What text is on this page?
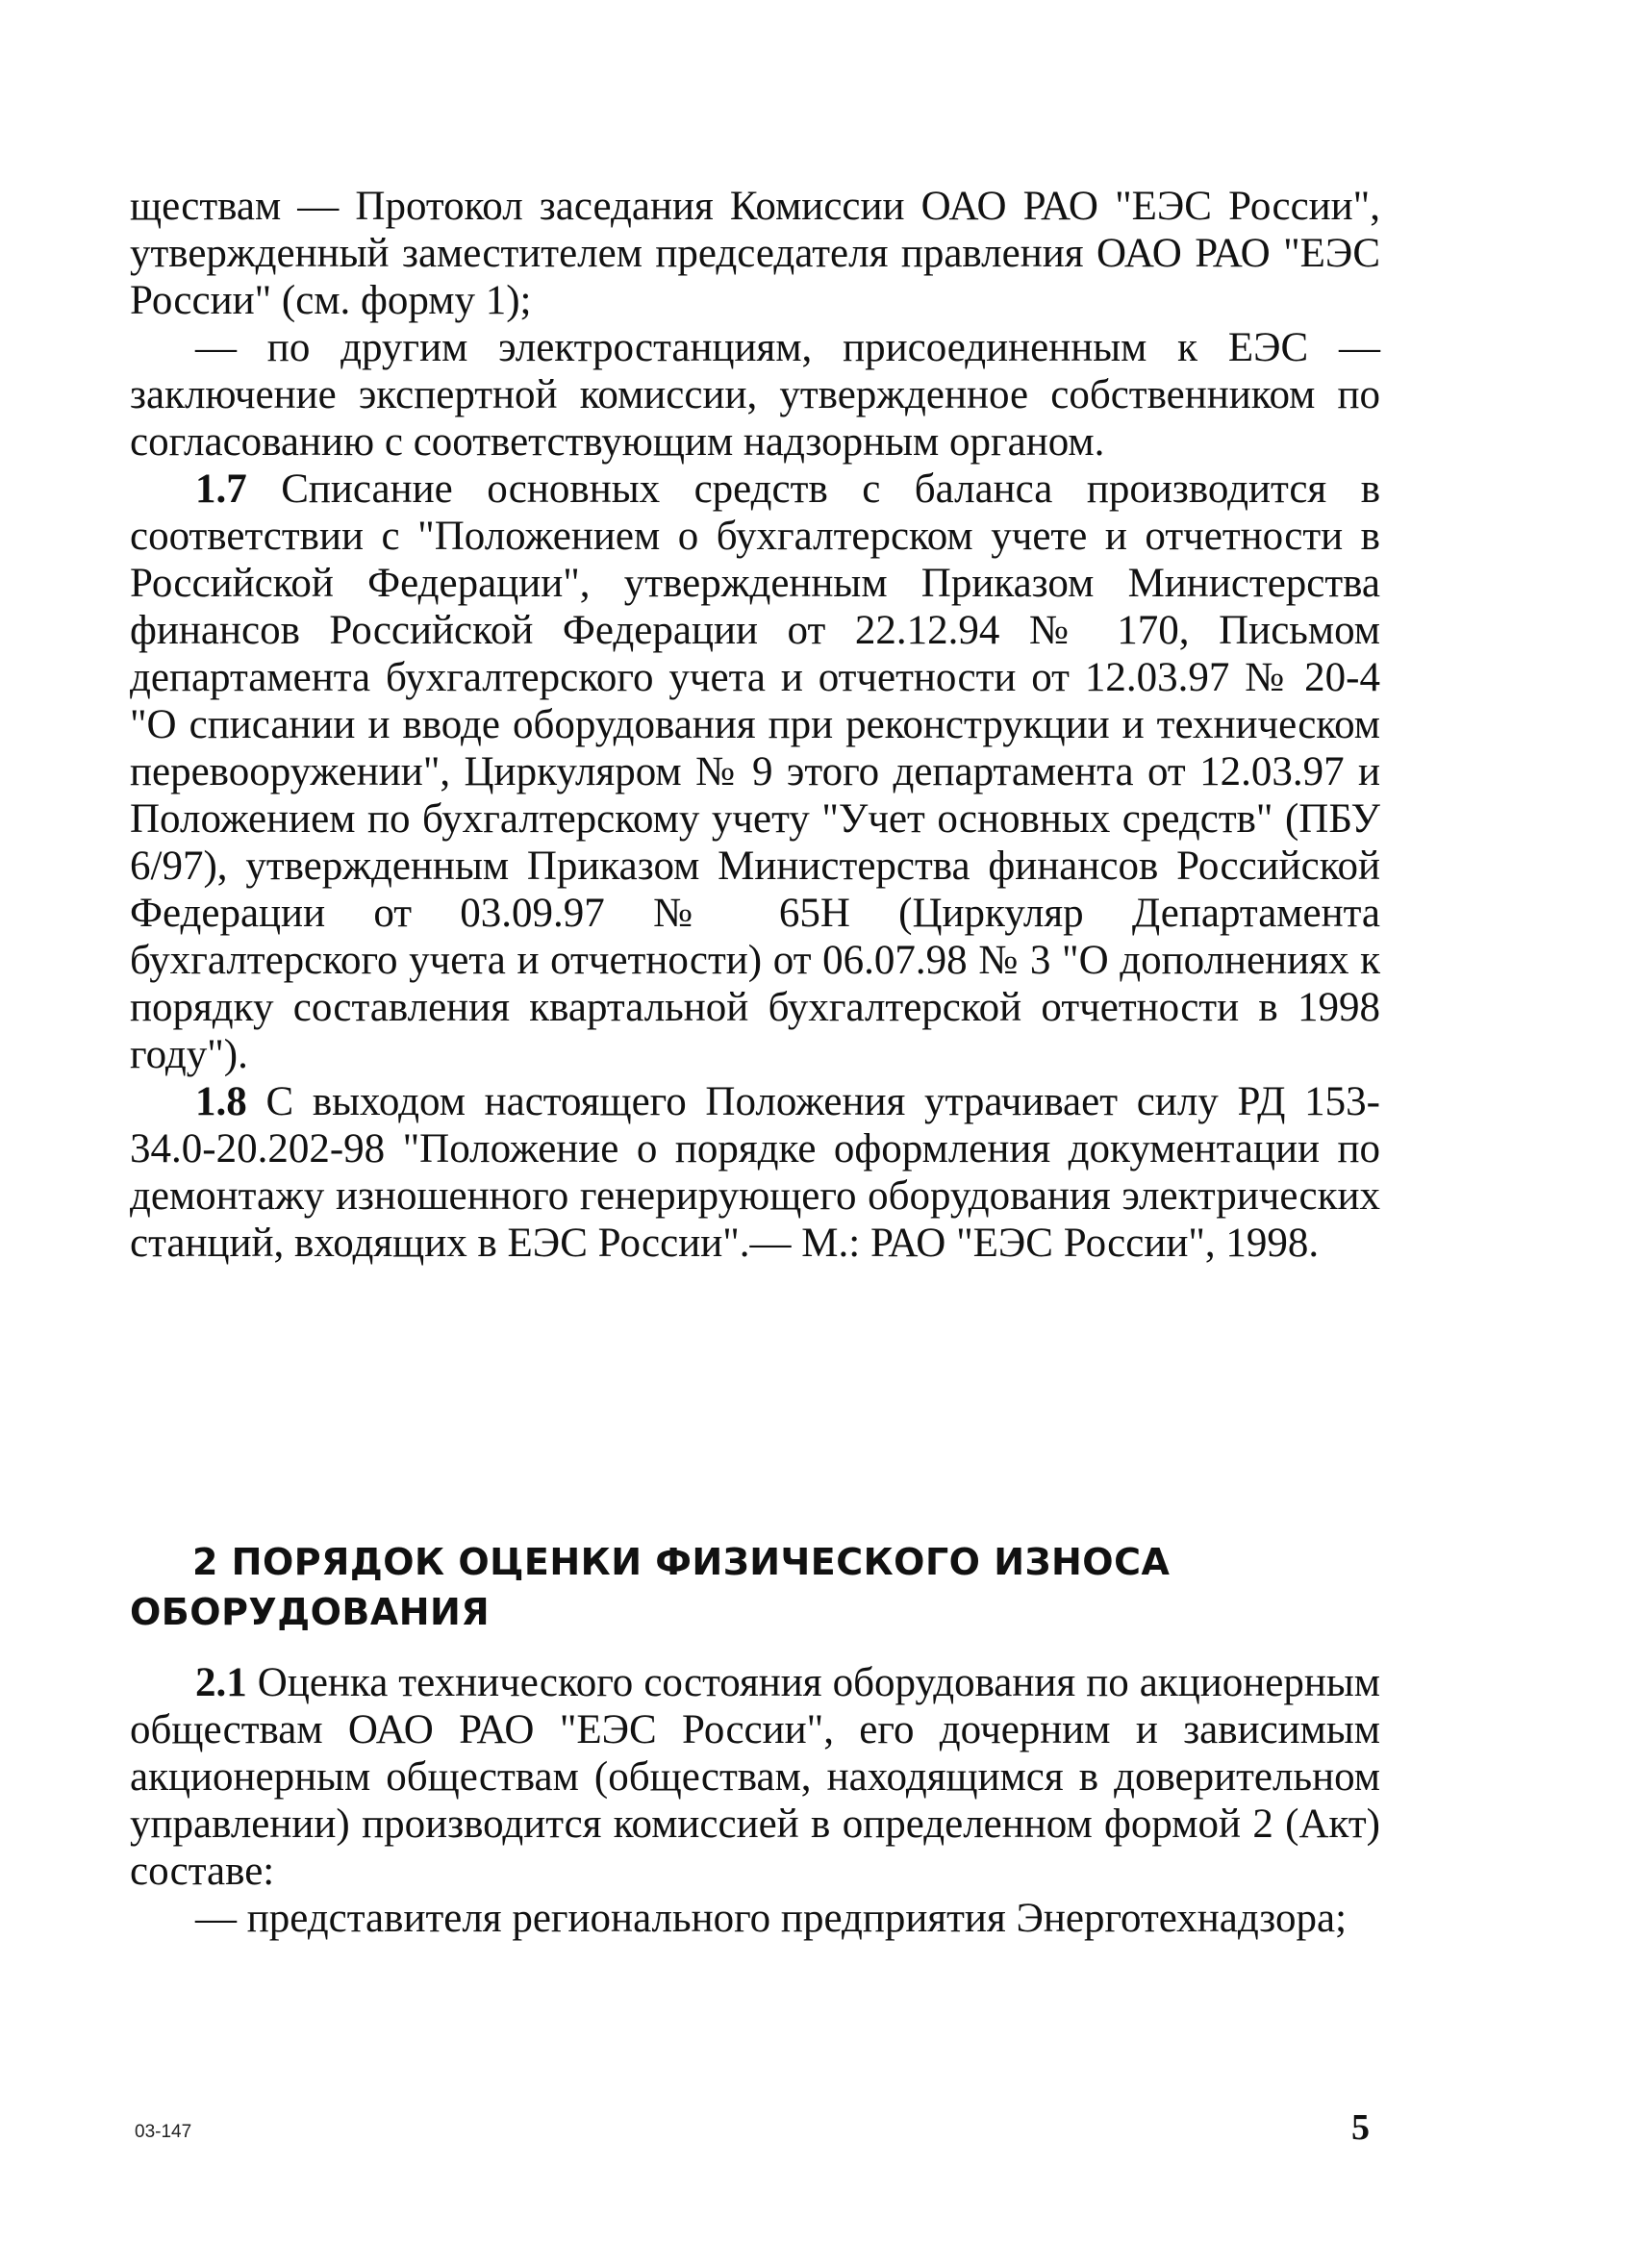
ществам — Протокол заседания Комиссии ОАО РАО "ЕЭС России", утвержденный заместителем председателя правления ОАО РАО "ЕЭС России" (см. форму 1);

— по другим электростанциям, присоединенным к ЕЭС — заключение экспертной комиссии, утвержденное собственником по согласованию с соответствующим надзорным органом.

1.7 Списание основных средств с баланса производится в соответствии с "Положением о бухгалтерском учете и отчетности в Российской Федерации", утвержденным Приказом Министерства финансов Российской Федерации от 22.12.94 № 170, Письмом департамента бухгалтерского учета и отчетности от 12.03.97 № 20-4 "О списании и вводе оборудования при реконструкции и техническом перевооружении", Циркуляром № 9 этого департамента от 12.03.97 и Положением по бухгалтерскому учету "Учет основных средств" (ПБУ 6/97), утвержденным Приказом Министерства финансов Российской Федерации от 03.09.97 № 65Н (Циркуляр Департамента бухгалтерского учета и отчетности) от 06.07.98 № 3 "О дополнениях к порядку составления квартальной бухгалтерской отчетности в 1998 году").

1.8 С выходом настоящего Положения утрачивает силу РД 153-34.0-20.202-98 "Положение о порядке оформления документации по демонтажу изношенного генерирующего оборудования электрических станций, входящих в ЕЭС России".— М.: РАО "ЕЭС России", 1998.

2 ПОРЯДОК ОЦЕНКИ ФИЗИЧЕСКОГО ИЗНОСА
ОБОРУДОВАНИЯ

2.1 Оценка технического состояния оборудования по акционерным обществам ОАО РАО "ЕЭС России", его дочерним и зависимым акционерным обществам (обществам, находящимся в доверительном управлении) производится комиссией в определенном формой 2 (Акт) составе:

— представителя регионального предприятия Энерготехнадзора;

03-147	5
